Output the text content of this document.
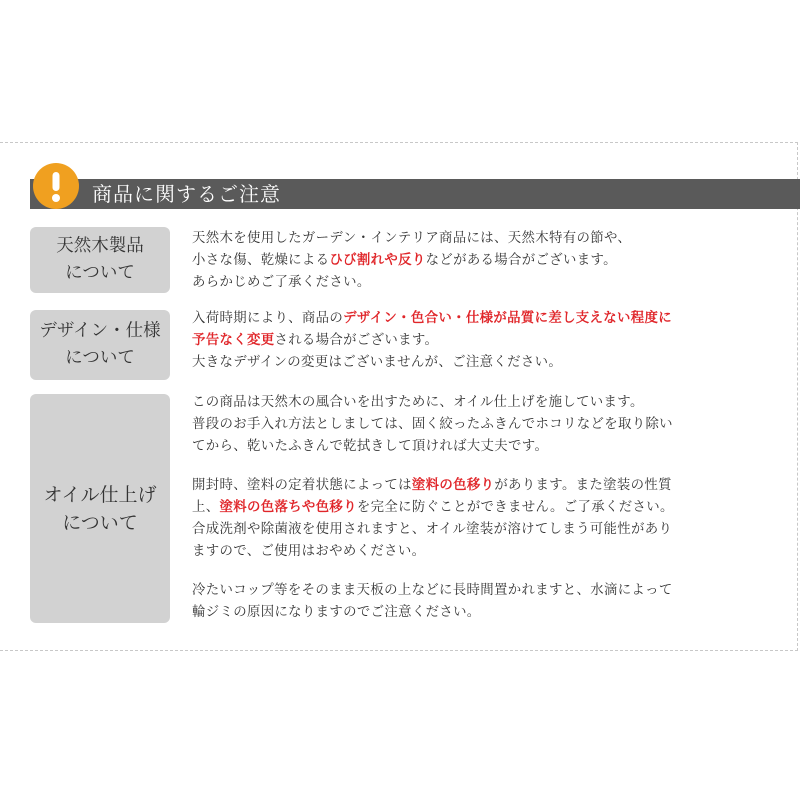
商品に関するご注意
天然木製品
について

天然木を使用したガーデン・インテリア商品には、天然木特有の節や、

小さな傷、乾燥によるひび割れや反りなどがある場合がございます。

あらかじめご了承ください。

デザイン・仕様
について

入荷時期により、商品のデザイン・色合い・仕様が品質に差し支えない程度に

予告なく変更される場合がございます。

大きなデザインの変更はございませんが、ご注意ください。

オイル仕上げ
について

この商品は天然木の風合いを出すために、オイル仕上げを施しています。

普段のお手入れ方法としましては、固く絞ったふきんでホコリなどを取り除い

てから、乾いたふきんで乾拭きして頂ければ大丈夫です。

開封時、塗料の定着状態によっては塗料の色移りがあります。また塗装の性質

上、塗料の色落ちや色移りを完全に防ぐことができません。ご了承ください。

合成洗剤や除菌液を使用されますと、オイル塗装が溶けてしまう可能性があり

ますので、ご使用はおやめください。

冷たいコップ等をそのまま天板の上などに長時間置かれますと、水滴によって

輪ジミの原因になりますのでご注意ください。
